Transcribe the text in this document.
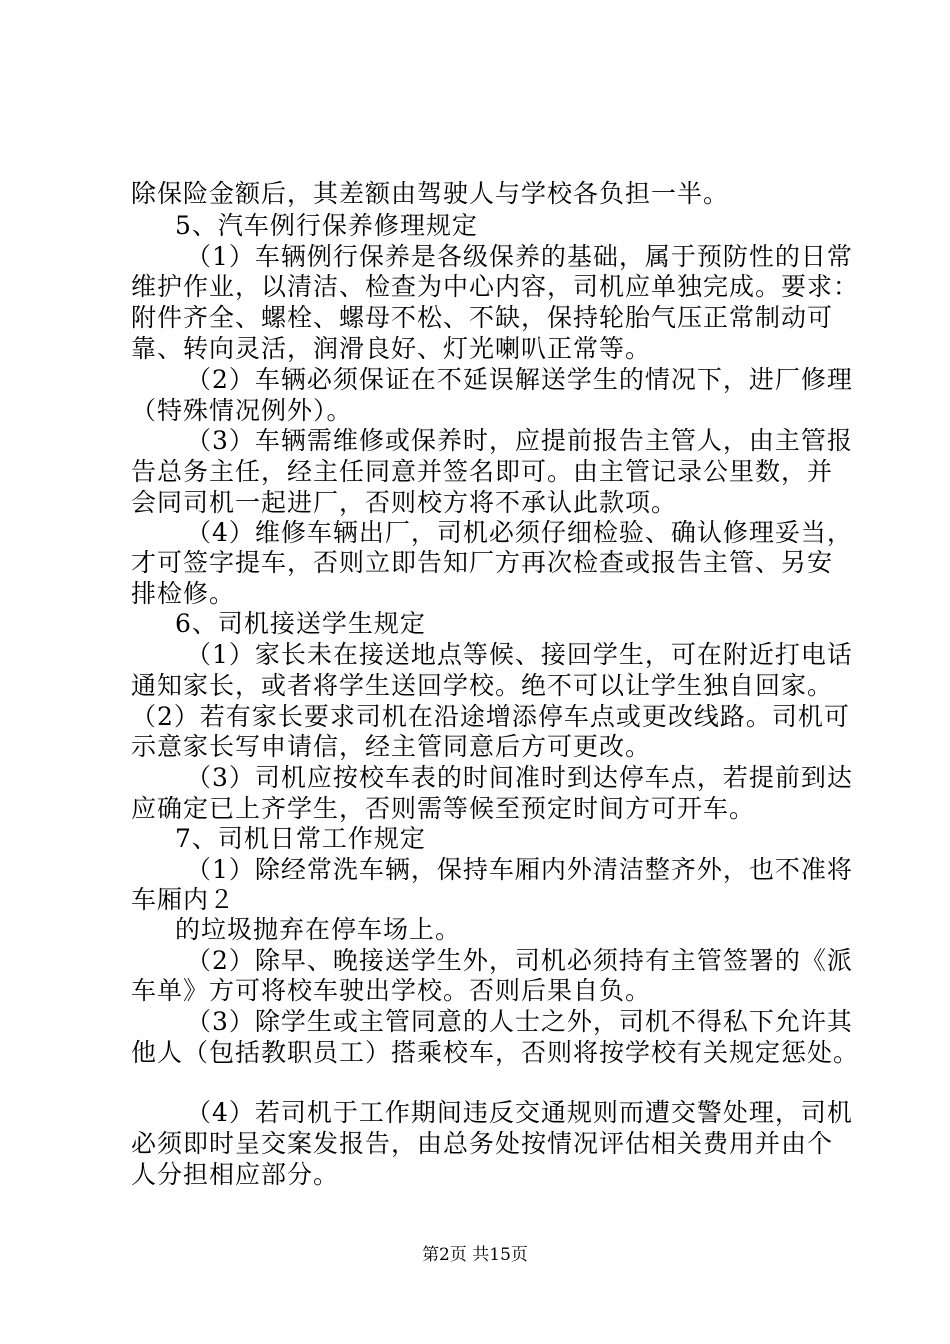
除保险金额后，其差额由驾驶人与学校各负担一半。
5、汽车例行保养修理规定
（1）车辆例行保养是各级保养的基础，属于预防性的日常
维护作业，以清洁、检查为中心内容，司机应单独完成。要求：
附件齐全、螺栓、螺母不松、不缺，保持轮胎气压正常制动可
靠、转向灵活，润滑良好、灯光喇叭正常等。
（2）车辆必须保证在不延误解送学生的情况下，进厂修理
（特殊情况例外）。
（3）车辆需维修或保养时，应提前报告主管人，由主管报
告总务主任，经主任同意并签名即可。由主管记录公里数，并
会同司机一起进厂，否则校方将不承认此款项。
（4）维修车辆出厂，司机必须仔细检验、确认修理妥当，
才可签字提车，否则立即告知厂方再次检查或报告主管、另安
排检修。
6、司机接送学生规定
（1）家长未在接送地点等候、接回学生，可在附近打电话
通知家长，或者将学生送回学校。绝不可以让学生独自回家。
（2）若有家长要求司机在沿途增添停车点或更改线路。司机可
示意家长写申请信，经主管同意后方可更改。
（3）司机应按校车表的时间准时到达停车点，若提前到达
应确定已上齐学生，否则需等候至预定时间方可开车。
7、司机日常工作规定
（1）除经常洗车辆，保持车厢内外清洁整齐外，也不准将
车厢内２
的垃圾抛弃在停车场上。
（2）除早、晚接送学生外，司机必须持有主管签署的《派
车单》方可将校车驶出学校。否则后果自负。
（3）除学生或主管同意的人士之外，司机不得私下允许其
他人（包括教职员工）搭乘校车，否则将按学校有关规定惩处。
（4）若司机于工作期间违反交通规则而遭交警处理，司机
必须即时呈交案发报告，由总务处按情况评估相关费用并由个
人分担相应部分。
第2页 共15页
